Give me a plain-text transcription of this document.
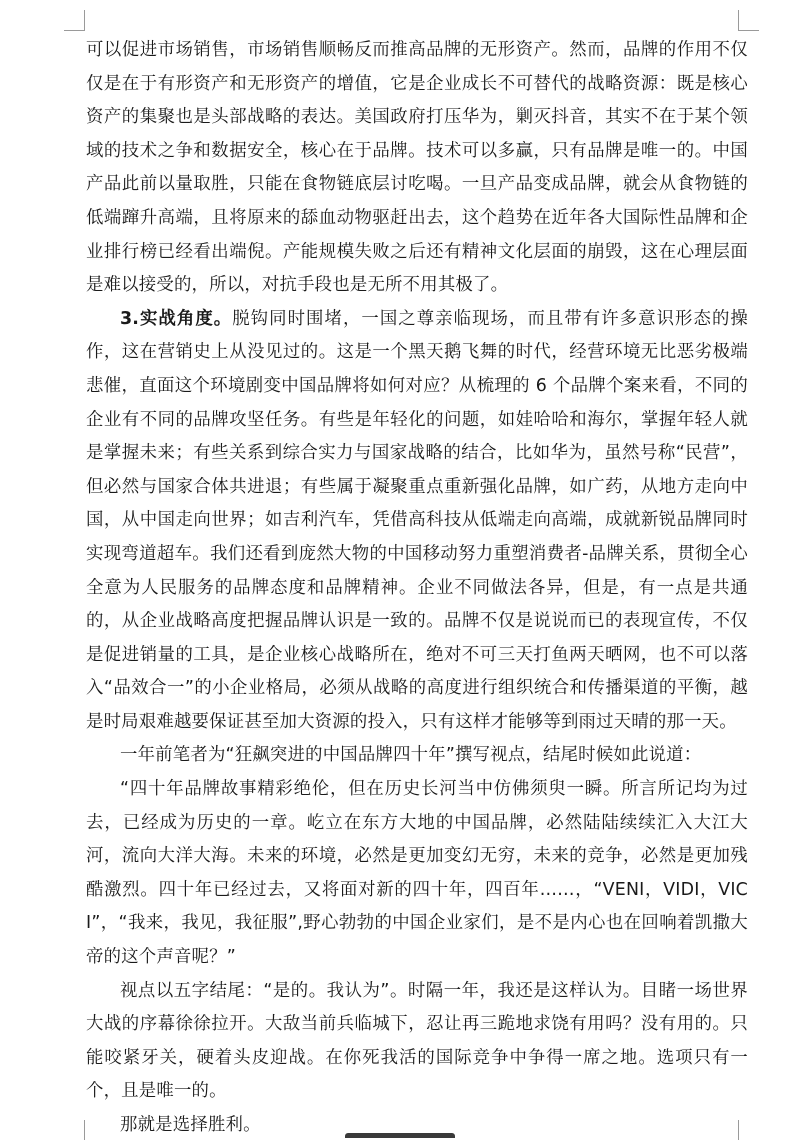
可以促进市场销售，市场销售顺畅反而推高品牌的无形资产。然而，品牌的作用不仅仅是在于有形资产和无形资产的增值，它是企业成长不可替代的战略资源：既是核心资产的集聚也是头部战略的表达。美国政府打压华为，剿灭抖音，其实不在于某个领域的技术之争和数据安全，核心在于品牌。技术可以多赢，只有品牌是唯一的。中国产品此前以量取胜，只能在食物链底层讨吃喝。一旦产品变成品牌，就会从食物链的低端蹿升高端，且将原来的舔血动物驱赶出去，这个趋势在近年各大国际性品牌和企业排行榜已经看出端倪。产能规模失败之后还有精神文化层面的崩毁，这在心理层面是难以接受的，所以，对抗手段也是无所不用其极了。

3.实战角度。脱钩同时围堵，一国之尊亲临现场，而且带有许多意识形态的操作，这在营销史上从没见过的。这是一个黑天鹅飞舞的时代，经营环境无比恶劣极端悲催，直面这个环境剧变中国品牌将如何对应？从梳理的 6 个品牌个案来看，不同的企业有不同的品牌攻坚任务。有些是年轻化的问题，如娃哈哈和海尔，掌握年轻人就是掌握未来；有些关系到综合实力与国家战略的结合，比如华为，虽然号称“民营”，但必然与国家合体共进退；有些属于凝聚重点重新强化品牌，如广药，从地方走向中国，从中国走向世界；如吉利汽车，凭借高科技从低端走向高端，成就新锐品牌同时实现弯道超车。我们还看到庞然大物的中国移动努力重塑消费者-品牌关系，贯彻全心全意为人民服务的品牌态度和品牌精神。企业不同做法各异，但是，有一点是共通的，从企业战略高度把握品牌认识是一致的。品牌不仅是说说而已的表现宣传，不仅是促进销量的工具，是企业核心战略所在，绝对不可三天打鱼两天晒网，也不可以落入“品效合一”的小企业格局，必须从战略的高度进行组织统合和传播渠道的平衡，越是时局艰难越要保证甚至加大资源的投入，只有这样才能够等到雨过天晴的那一天。

一年前笔者为“狂飙突进的中国品牌四十年”撰写视点，结尾时候如此说道：

“四十年品牌故事精彩绝伦，但在历史长河当中仿佛须臾一瞬。所言所记均为过去，已经成为历史的一章。屹立在东方大地的中国品牌，必然陆陆续续汇入大江大河，流向大洋大海。未来的环境，必然是更加变幻无穷，未来的竞争，必然是更加残酷激烈。四十年已经过去，又将面对新的四十年，四百年……，“VENI，VIDI，VICI”，“我来，我见，我征服”,野心勃勃的中国企业家们，是不是内心也在回响着凯撒大帝的这个声音呢？”

视点以五字结尾：“是的。我认为”。时隔一年，我还是这样认为。目睹一场世界大战的序幕徐徐拉开。大敌当前兵临城下，忍让再三跪地求饶有用吗？没有用的。只能咬紧牙关，硬着头皮迎战。在你死我活的国际竞争中争得一席之地。选项只有一个，且是唯一的。

那就是选择胜利。
